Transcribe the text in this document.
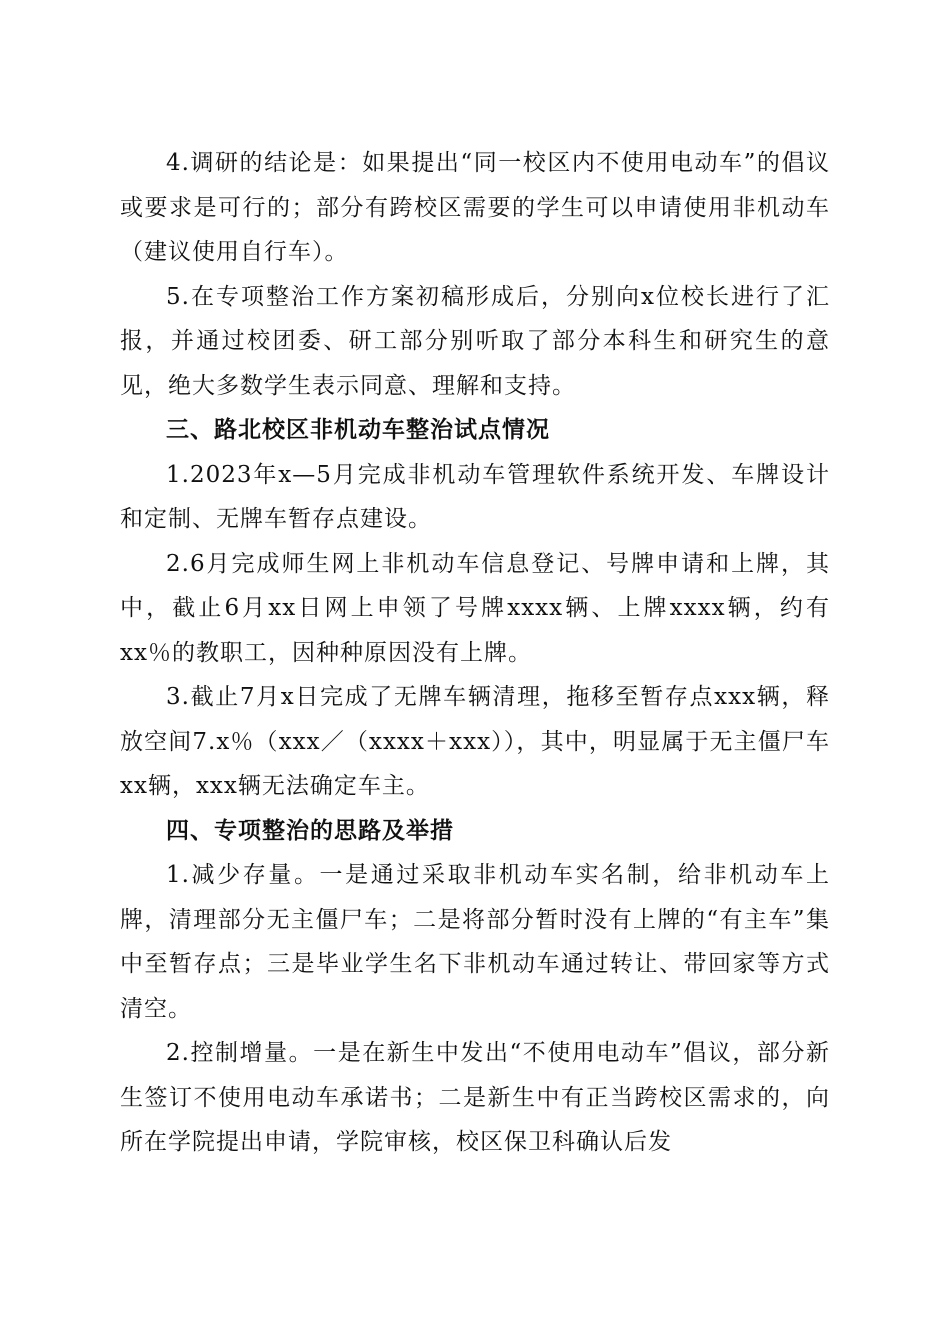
4.调研的结论是：如果提出“同一校区内不使用电动车”的倡议或要求是可行的；部分有跨校区需要的学生可以申请使用非机动车（建议使用自行车）。

5.在专项整治工作方案初稿形成后，分别向x位校长进行了汇报，并通过校团委、研工部分别听取了部分本科生和研究生的意见，绝大多数学生表示同意、理解和支持。

三、路北校区非机动车整治试点情况

1.2023年x—5月完成非机动车管理软件系统开发、车牌设计和定制、无牌车暂存点建设。

2.6月完成师生网上非机动车信息登记、号牌申请和上牌，其中，截止6月xx日网上申领了号牌xxxx辆、上牌xxxx辆，约有xx％的教职工，因种种原因没有上牌。

3.截止7月x日完成了无牌车辆清理，拖移至暂存点xxx辆，释放空间7.x％（xxx／（xxxx＋xxx）），其中，明显属于无主僵尸车xx辆，xxx辆无法确定车主。

四、专项整治的思路及举措

1.减少存量。一是通过采取非机动车实名制，给非机动车上牌，清理部分无主僵尸车；二是将部分暂时没有上牌的“有主车”集中至暂存点；三是毕业学生名下非机动车通过转让、带回家等方式清空。

2.控制增量。一是在新生中发出“不使用电动车”倡议，部分新生签订不使用电动车承诺书；二是新生中有正当跨校区需求的，向所在学院提出申请，学院审核，校区保卫科确认后发
